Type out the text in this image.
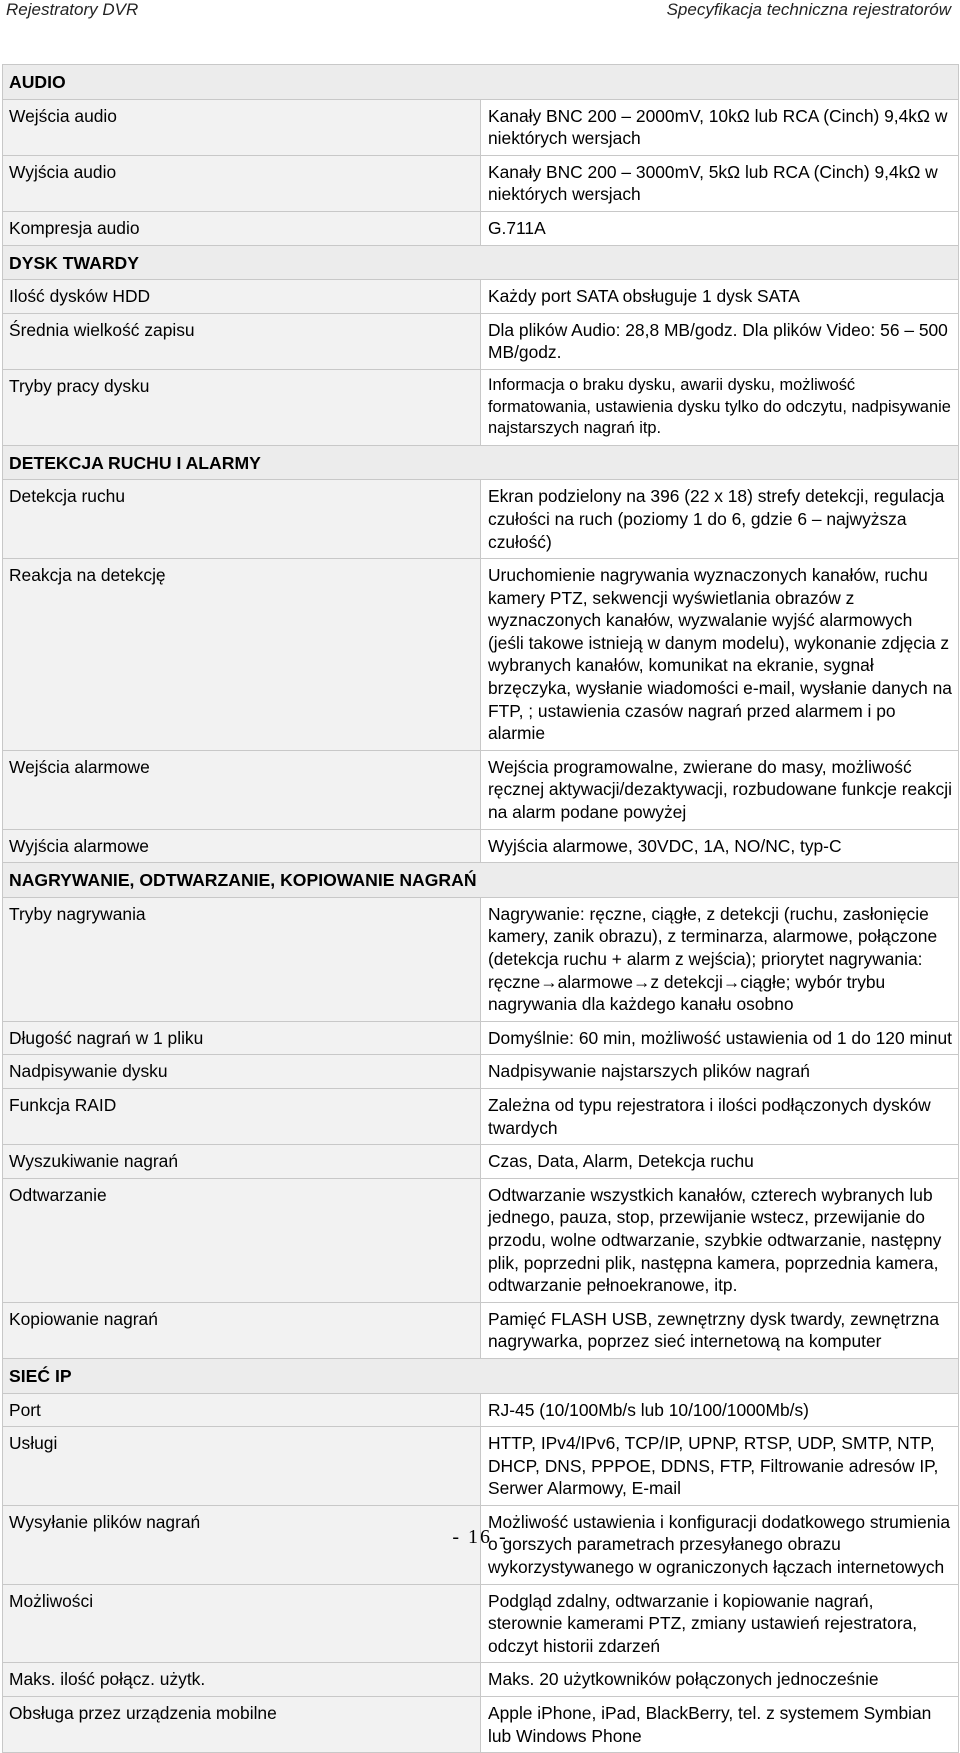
Rejestratory DVR	Specyfikacja techniczna rejestratorów
AUDIO	
Wejścia audio	Kanały BNC 200 – 2000mV, 10kΩ lub RCA (Cinch) 9,4kΩ w niektórych wersjach
Wyjścia audio	Kanały BNC 200 – 3000mV, 5kΩ lub RCA (Cinch) 9,4kΩ w niektórych wersjach
Kompresja audio	G.711A
DYSK TWARDY	
Ilość dysków HDD	Każdy port SATA obsługuje 1 dysk SATA
Średnia wielkość zapisu	Dla plików Audio: 28,8 MB/godz. Dla plików Video: 56 – 500 MB/godz.
Tryby pracy dysku	Informacja o braku dysku, awarii dysku, możliwość formatowania, ustawienia dysku tylko do odczytu, nadpisywanie najstarszych nagrań itp.
DETEKCJA RUCHU I ALARMY	
Detekcja ruchu	Ekran podzielony na 396 (22 x 18) strefy detekcji, regulacja czułości na ruch (poziomy 1 do 6, gdzie 6 – najwyższa czułość)
Reakcja na detekcję	Uruchomienie nagrywania wyznaczonych kanałów, ruchu kamery PTZ, sekwencji wyświetlania obrazów z wyznaczonych kanałów, wyzwalanie wyjść alarmowych (jeśli takowe istnieją w danym modelu), wykonanie zdjęcia z wybranych kanałów, komunikat na ekranie, sygnał brzęczyka, wysłanie wiadomości e-mail, wysłanie danych na FTP, ; ustawienia czasów nagrań przed alarmem i po alarmie
Wejścia alarmowe	Wejścia programowalne, zwierane do masy, możliwość ręcznej aktywacji/dezaktywacji, rozbudowane funkcje reakcji na alarm podane powyżej
Wyjścia alarmowe	Wyjścia alarmowe, 30VDC, 1A, NO/NC, typ-C
NAGRYWANIE, ODTWARZANIE, KOPIOWANIE NAGRAŃ	
Tryby nagrywania	Nagrywanie: ręczne, ciągłe, z detekcji (ruchu, zasłonięcie kamery, zanik obrazu), z terminarza, alarmowe, połączone (detekcja ruchu + alarm z wejścia); priorytet nagrywania: ręczne→alarmowe→z detekcji→ciągłe; wybór trybu nagrywania dla każdego kanału osobno
Długość nagrań w 1 pliku	Domyślnie: 60 min, możliwość ustawienia od 1 do 120 minut
Nadpisywanie dysku	Nadpisywanie najstarszych plików nagrań
Funkcja RAID	Zależna od typu rejestratora i ilości podłączonych dysków twardych
Wyszukiwanie nagrań	Czas, Data, Alarm, Detekcja ruchu
Odtwarzanie	Odtwarzanie wszystkich kanałów, czterech wybranych lub jednego, pauza, stop, przewijanie wstecz, przewijanie do przodu, wolne odtwarzanie, szybkie odtwarzanie, następny plik, poprzedni plik, następna kamera, poprzednia kamera, odtwarzanie pełnoekranowe, itp.
Kopiowanie nagrań	Pamięć FLASH USB, zewnętrzny dysk twardy, zewnętrzna nagrywarka, poprzez sieć internetową na komputer
SIEĆ IP	
Port	RJ-45 (10/100Mb/s lub 10/100/1000Mb/s)
Usługi	HTTP, IPv4/IPv6, TCP/IP, UPNP, RTSP, UDP, SMTP, NTP, DHCP, DNS, PPPOE, DDNS, FTP, Filtrowanie adresów IP, Serwer Alarmowy, E-mail
Wysyłanie plików nagrań	Możliwość ustawienia i konfiguracji dodatkowego strumienia o gorszych parametrach przesyłanego obrazu wykorzystywanego w ograniczonych łączach internetowych
Możliwości	Podgląd zdalny, odtwarzanie i kopiowanie nagrań, sterownie kamerami PTZ, zmiany ustawień rejestratora, odczyt historii zdarzeń
Maks. ilość połącz. użytk.	Maks. 20 użytkowników połączonych jednocześnie
Obsługa przez urządzenia mobilne	Apple iPhone, iPad, BlackBerry, tel. z systemem Symbian lub Windows Phone
- 16 -
